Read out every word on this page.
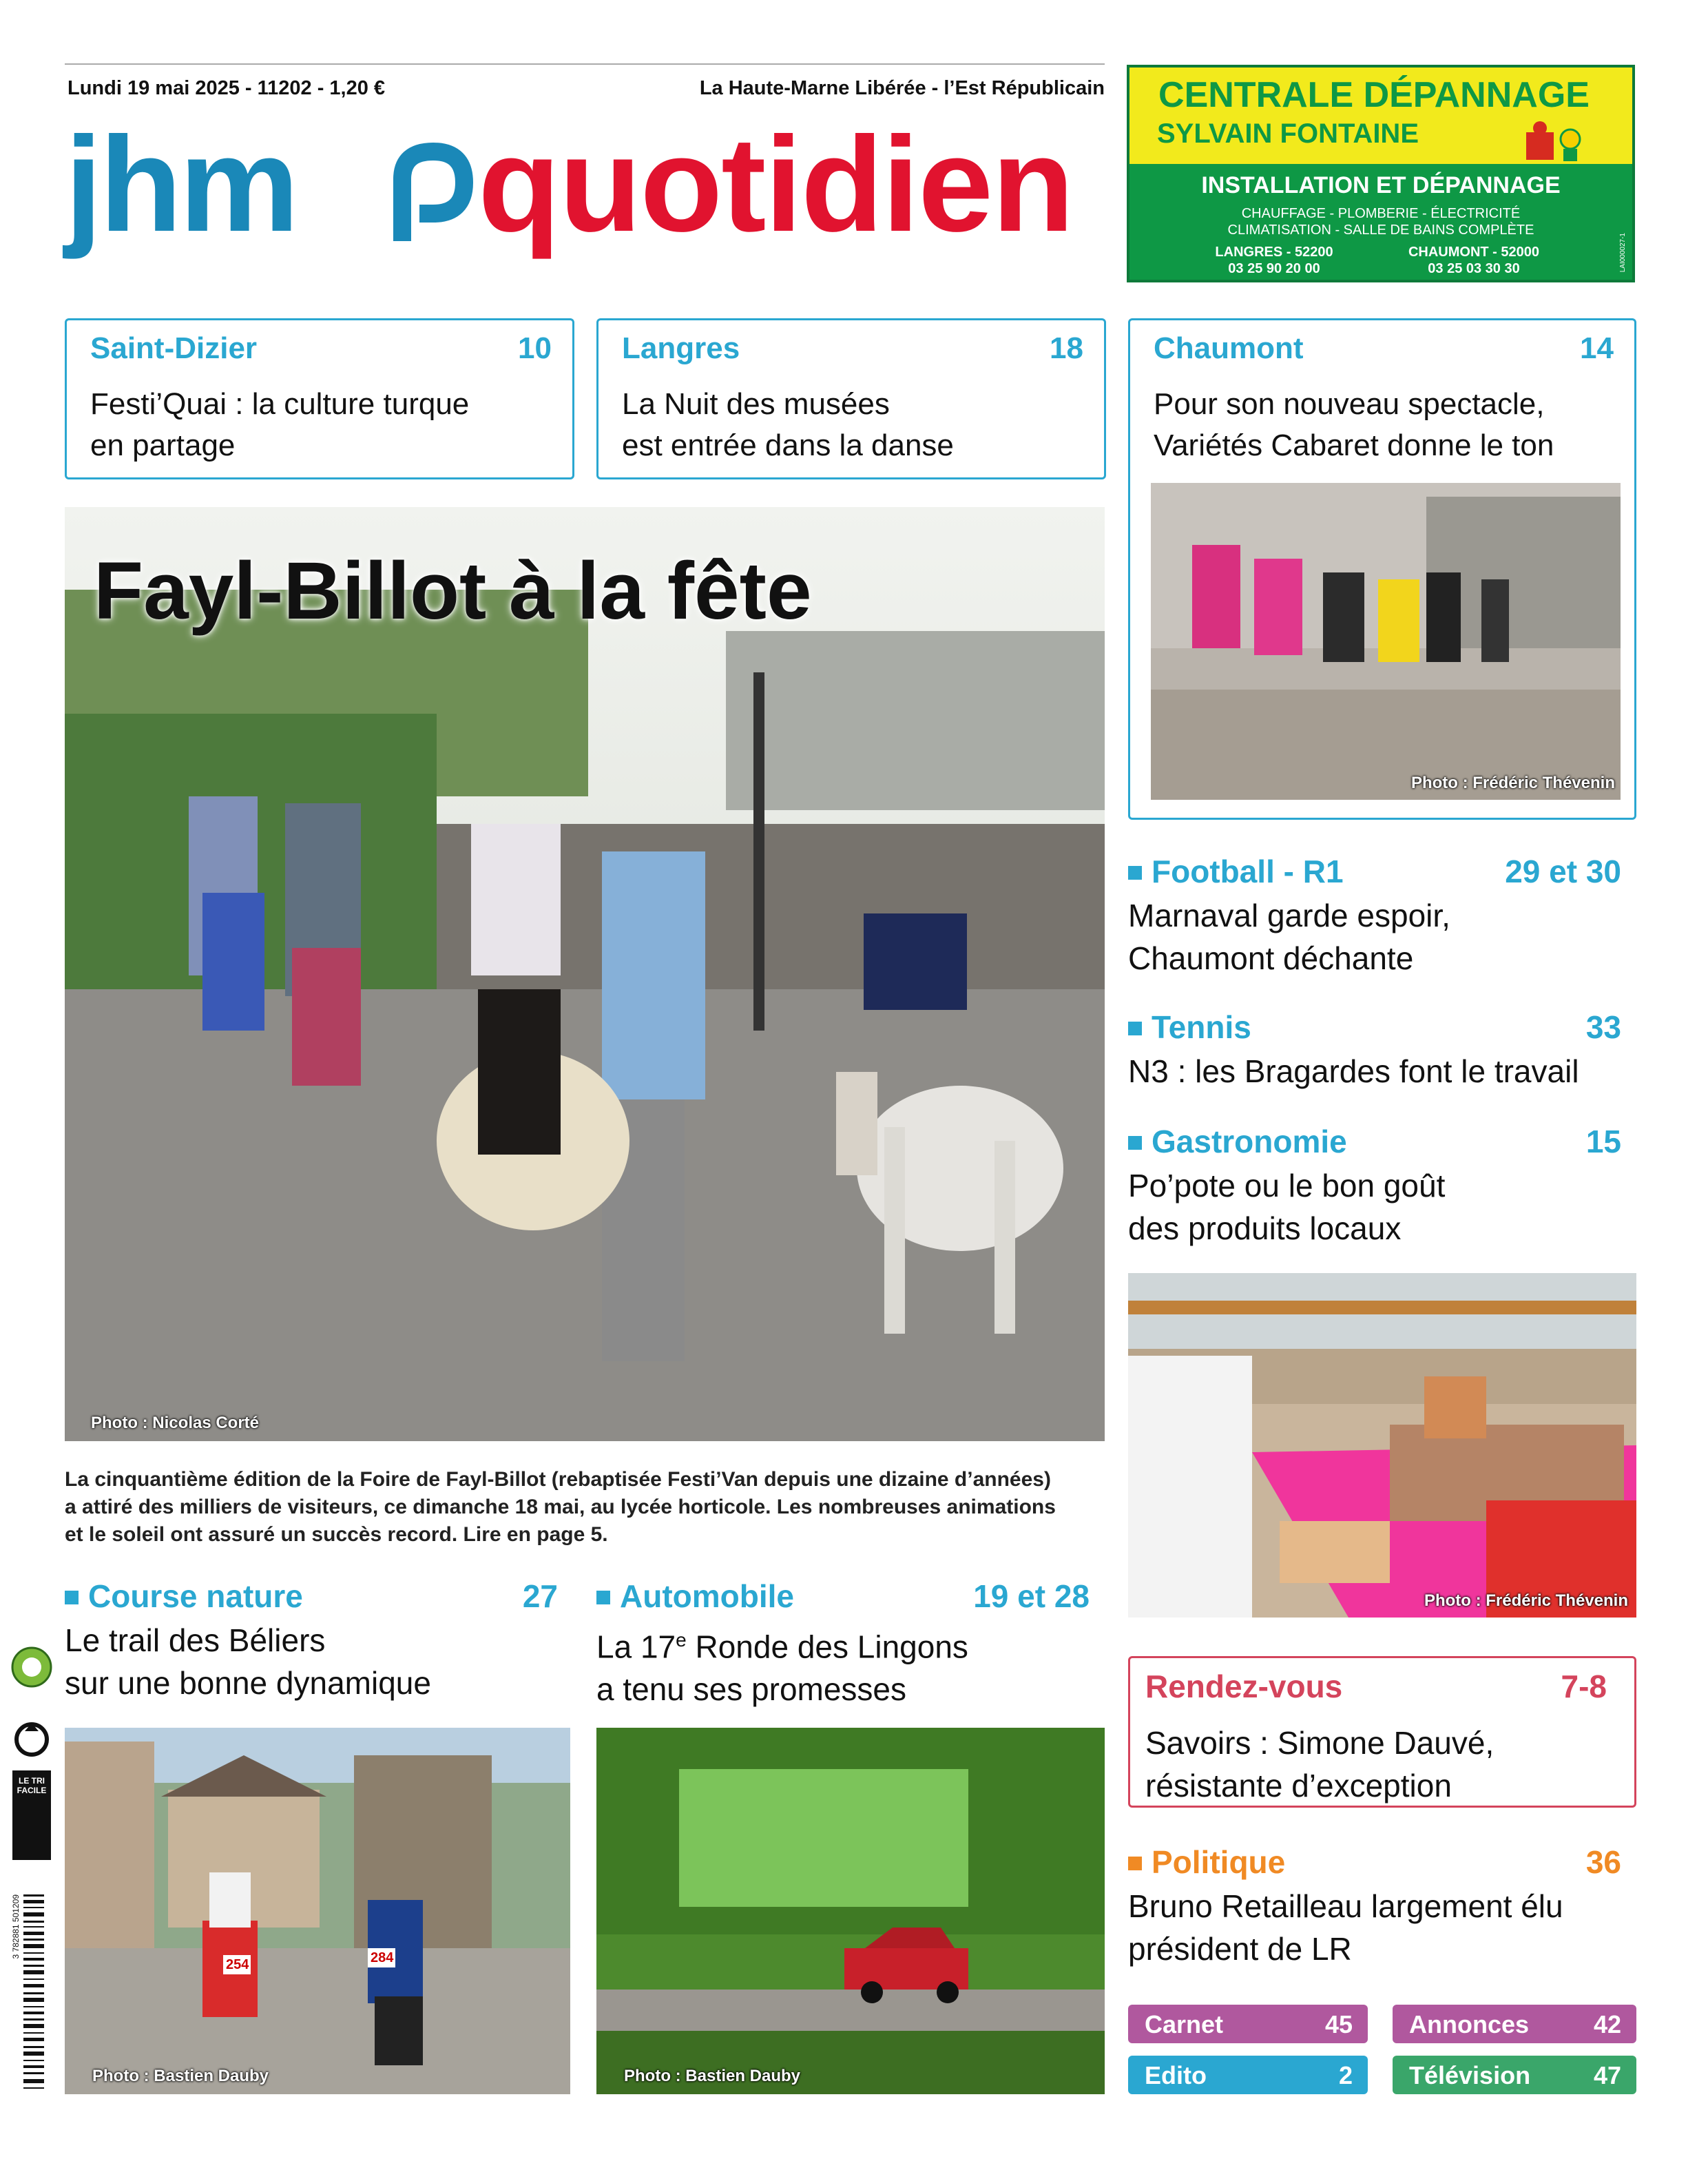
Lundi 19 mai 2025 - 11202 - 1,20 €	La Haute-Marne Libérée - l’Est Républicain
jhm quotidien
CENTRALE DÉPANNAGE
SYLVAIN FONTAINE
INSTALLATION ET DÉPANNAGE
CHAUFFAGE - PLOMBERIE - ÉLECTRICITÉ
CLIMATISATION - SALLE DE BAINS COMPLÈTE
LANGRES - 52200
03 25 90 20 00
CHAUMONT - 52000
03 25 03 30 30	LAI000027-1
Saint-Dizier	10
Festi’Quai : la culture turque
en partage
Langres	18
La Nuit des musées
est entrée dans la danse
Chaumont	14
Pour son nouveau spectacle,
Variétés Cabaret donne le ton
Photo : Frédéric Thévenin
Photo : Nicolas Corté
Fayl-Billot à la fête
La cinquantième édition de la Foire de Fayl-Billot (rebaptisée Festi’Van depuis une dizaine d’années)
a attiré des milliers de visiteurs, ce dimanche 18 mai, au lycée horticole. Les nombreuses animations
et le soleil ont assuré un succès record. Lire en page 5.
Football - R1	29 et 30
Marnaval garde espoir,
Chaumont déchante
Tennis	33
N3 : les Bragardes font le travail
Gastronomie	15
Po’pote ou le bon goût
des produits locaux
Photo : Frédéric Thévenin
Rendez-vous	7-8
Savoirs : Simone Dauvé,
résistante d’exception
Politique	36
Bruno Retailleau largement élu
président de LR
Carnet	45 Annonces	42
Edito	2 Télévision	47
Course nature	27
Le trail des Béliers
sur une bonne dynamique
254	284
Photo : Bastien Dauby
Automobile	19 et 28
La 17e Ronde des Lingons
a tenu ses promesses
Photo : Bastien Dauby

LE TRI
FACILE
3 782881 501209
